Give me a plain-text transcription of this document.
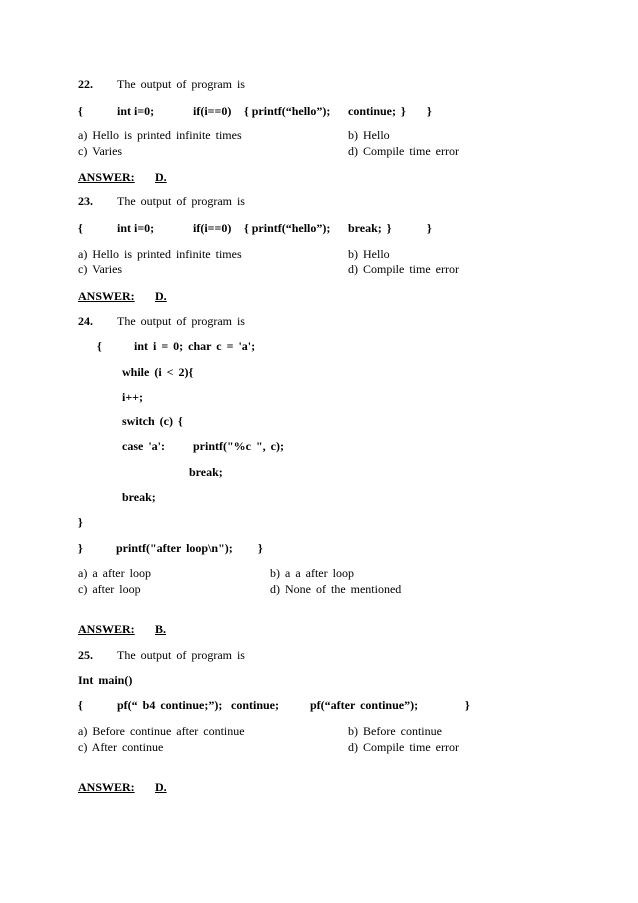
22. The output of program is
{	int i=0;	if(i==0) { printf(“hello”); continue; } }
a) Hello is printed infinite times	b) Hello
c) Varies	d) Compile time error
ANSWER: D.
23. The output of program is
{	int i=0;	if(i==0) { printf(“hello”); break; }	}
a) Hello is printed infinite times	b) Hello
c) Varies	d) Compile time error
ANSWER: D.
24. The output of program is
{	int i = 0; char c = 'a';
while (i < 2){
i++;
switch (c) {
case 'a': printf("%c ", c);
break;
break;
}
}	printf("after loop\n"); }
a) a after loop	b) a a after loop
c) after loop	d) None of the mentioned
ANSWER: B.
25. The output of program is
Int main()
{	pf(“ b4 continue;”); continue;	pf(“after continue”);	}
a) Before continue after continue	b) Before continue
c) After continue	d) Compile time error
ANSWER: D.
